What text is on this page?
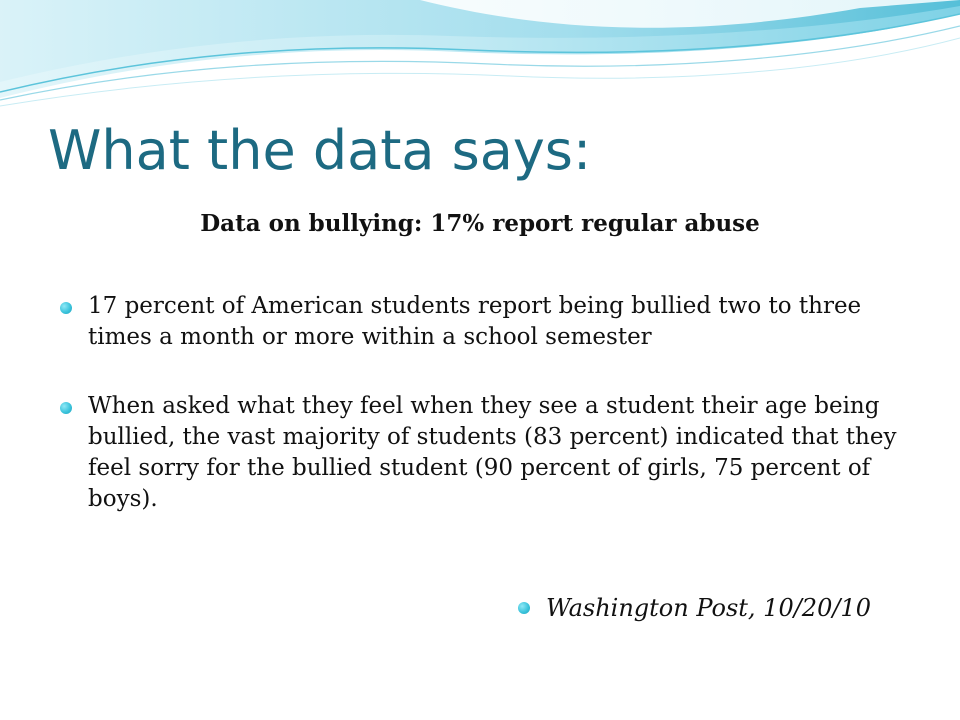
What the data says:
Data on bullying: 17% report regular abuse
17 percent of American students report being bullied two to three times a month or more within a school semester
When asked what they feel when they see a student their age being bullied, the vast majority of students (83 percent) indicated that they feel sorry for the bullied student (90 percent of girls, 75 percent of boys).
Washington Post, 10/20/10
